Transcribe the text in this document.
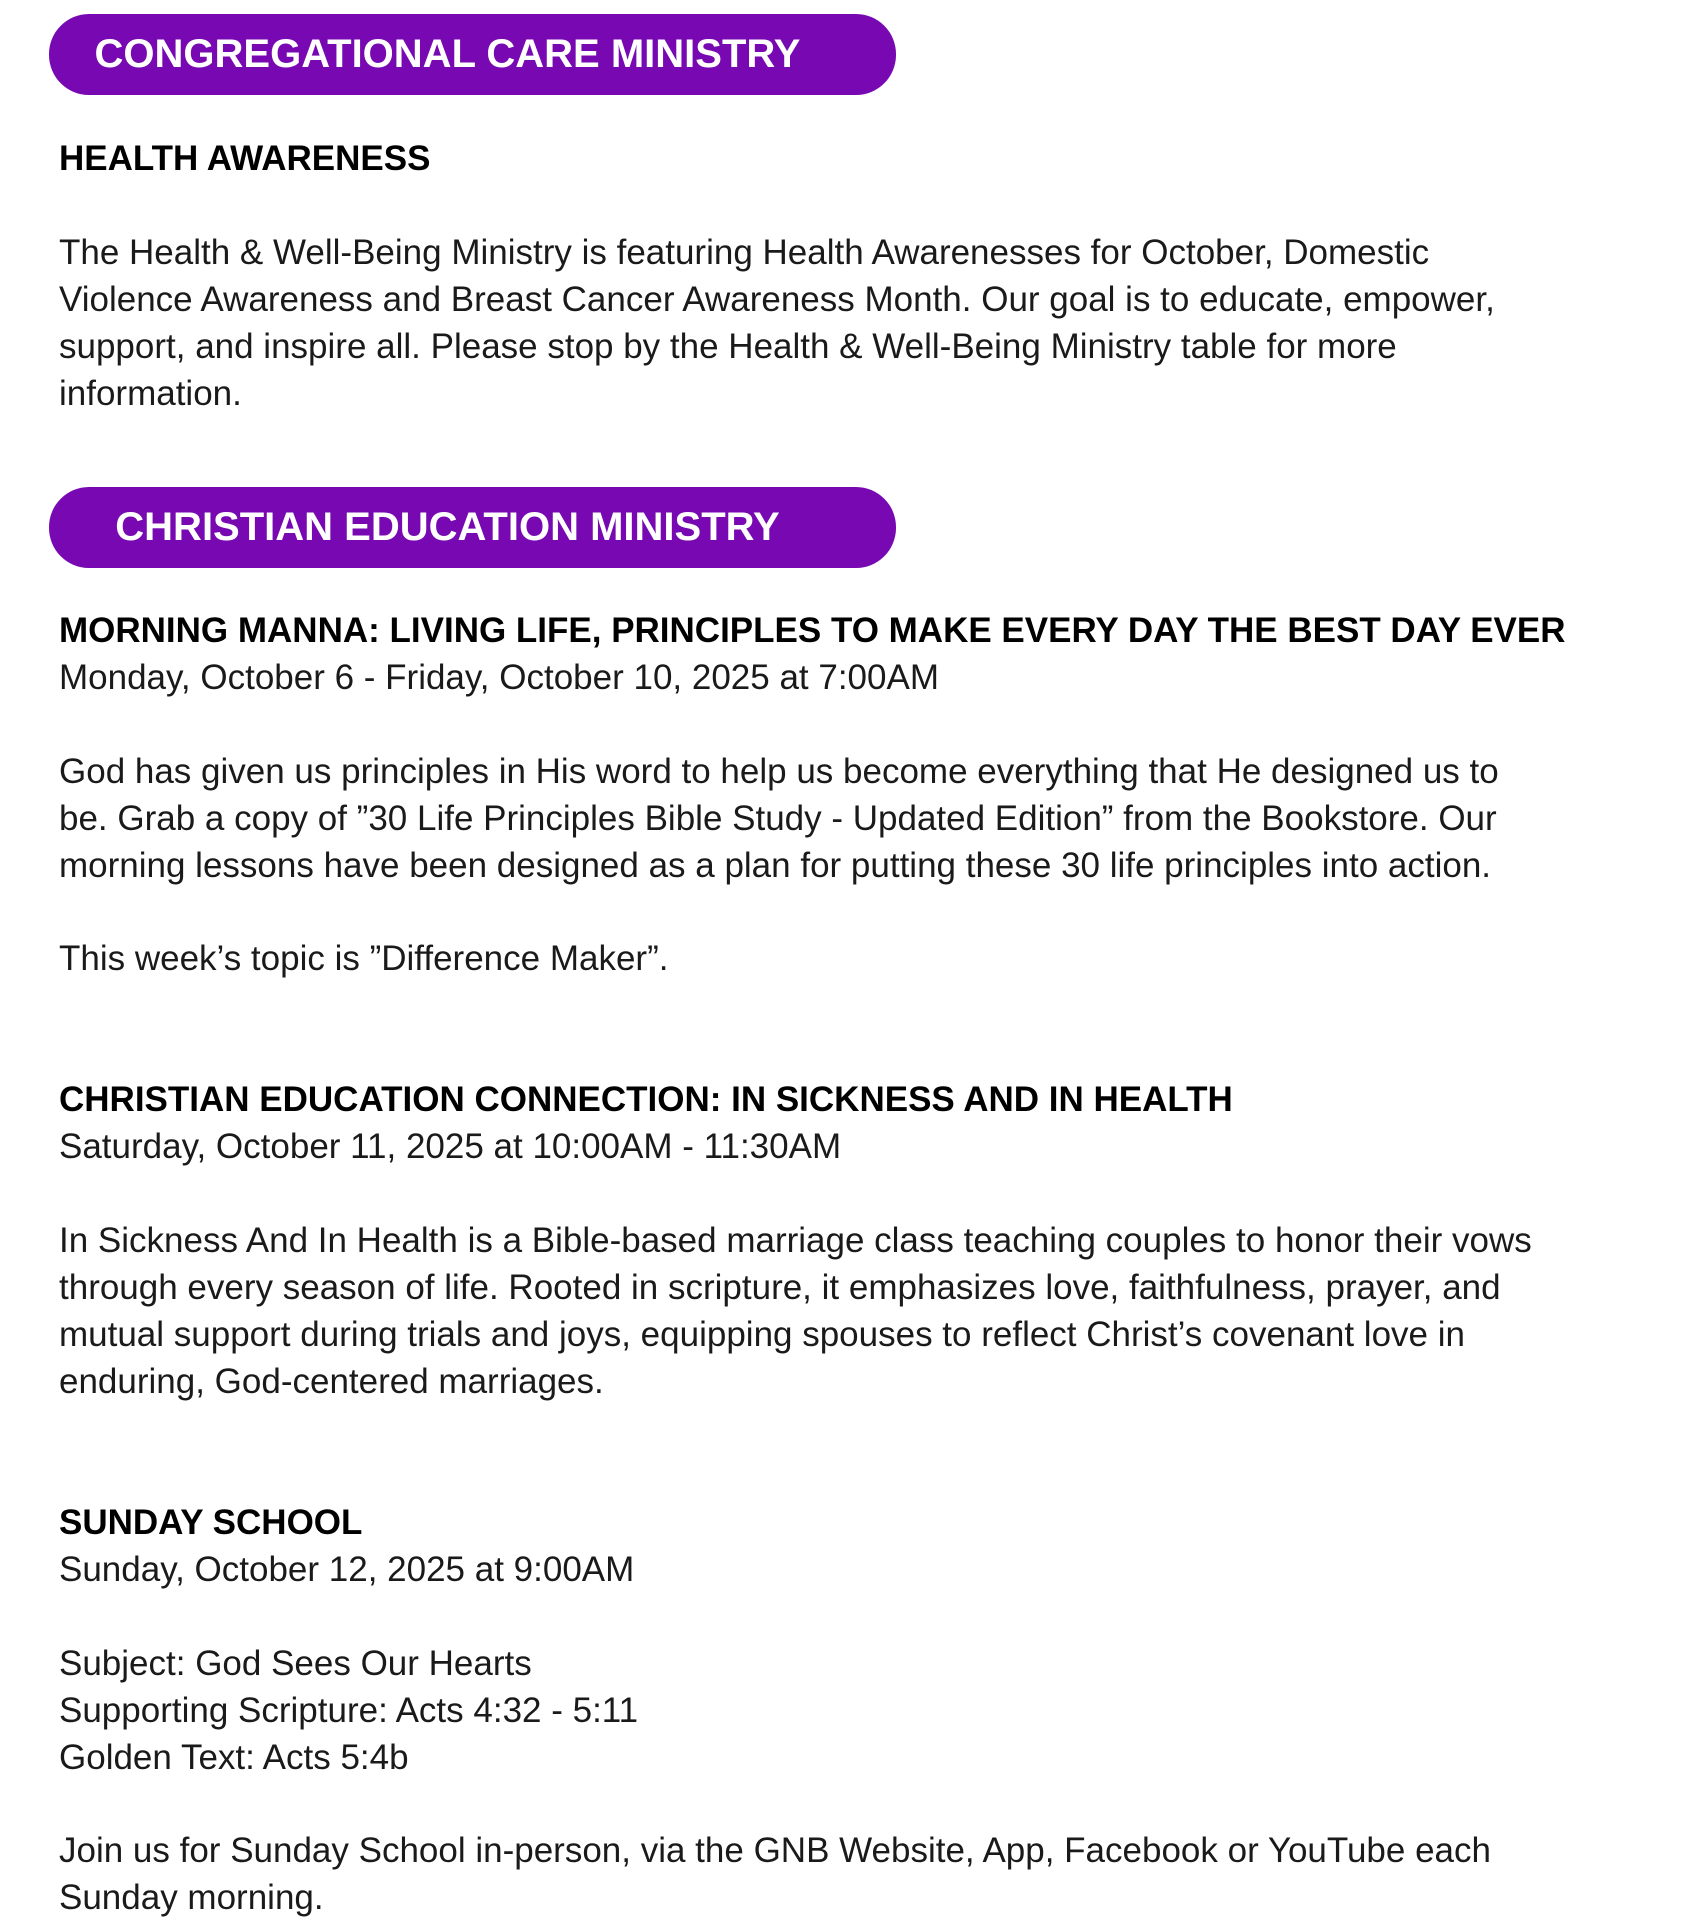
CONGREGATIONAL CARE MINISTRY

HEALTH AWARENESS

The Health & Well-Being Ministry is featuring Health Awarenesses for October, Domestic

Violence Awareness and Breast Cancer Awareness Month. Our goal is to educate, empower,

support, and inspire all. Please stop by the Health & Well-Being Ministry table for more

information.

CHRISTIAN EDUCATION MINISTRY

MORNING MANNA: LIVING LIFE, PRINCIPLES TO MAKE EVERY DAY THE BEST DAY EVER

Monday, October 6 - Friday, October 10, 2025 at 7:00AM

God has given us principles in His word to help us become everything that He designed us to

be. Grab a copy of ”30 Life Principles Bible Study - Updated Edition” from the Bookstore. Our

morning lessons have been designed as a plan for putting these 30 life principles into action.

This week’s topic is ”Difference Maker”.

CHRISTIAN EDUCATION CONNECTION: IN SICKNESS AND IN HEALTH

Saturday, October 11, 2025 at 10:00AM - 11:30AM

In Sickness And In Health is a Bible-based marriage class teaching couples to honor their vows

through every season of life. Rooted in scripture, it emphasizes love, faithfulness, prayer, and

mutual support during trials and joys, equipping spouses to reflect Christ’s covenant love in

enduring, God-centered marriages.

SUNDAY SCHOOL

Sunday, October 12, 2025 at 9:00AM

Subject: God Sees Our Hearts

Supporting Scripture: Acts 4:32 - 5:11

Golden Text: Acts 5:4b

Join us for Sunday School in-person, via the GNB Website, App, Facebook or YouTube each

Sunday morning.
